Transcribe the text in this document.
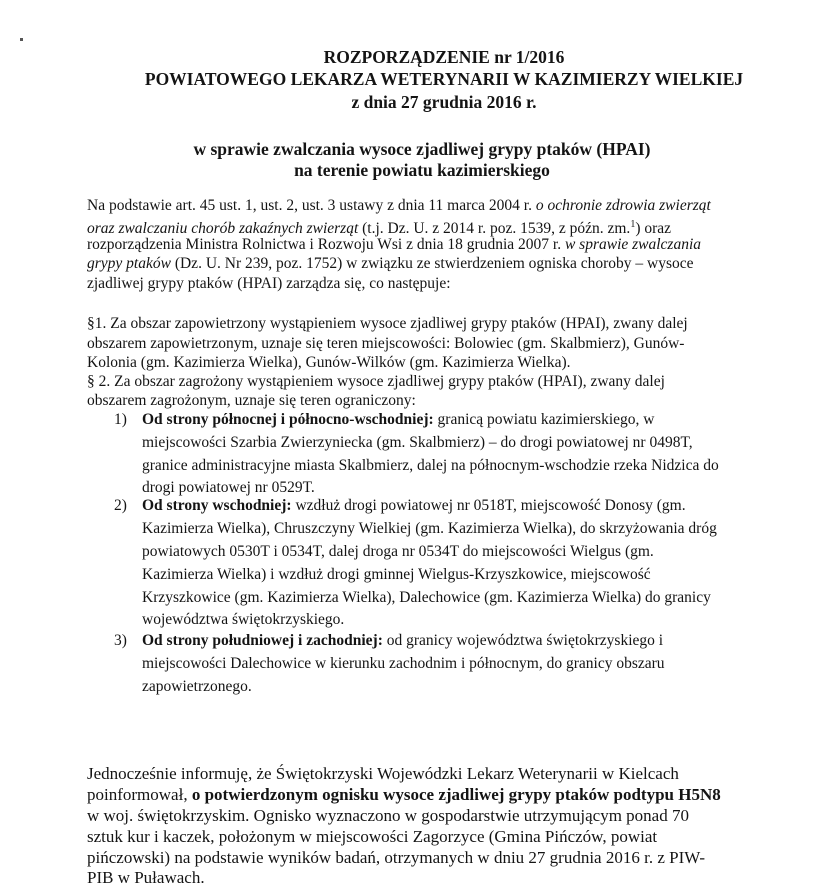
ROZPORZĄDZENIE nr 1/2016
POWIATOWEGO LEKARZA WETERYNARII W KAZIMIERZY WIELKIEJ
z dnia 27 grudnia 2016 r.
w sprawie zwalczania wysoce zjadliwej grypy ptaków (HPAI)
na terenie powiatu kazimierskiego
Na podstawie art. 45 ust. 1, ust. 2, ust. 3 ustawy z dnia 11 marca 2004 r. o ochronie zdrowia zwierząt
oraz zwalczaniu chorób zakaźnych zwierząt (t.j. Dz. U. z 2014 r. poz. 1539, z późn. zm.$^1$) oraz
rozporządzenia Ministra Rolnictwa i Rozwoju Wsi z dnia 18 grudnia 2007 r. w sprawie zwalczania
grypy ptaków (Dz. U. Nr 239, poz. 1752) w związku ze stwierdzeniem ogniska choroby – wysoce
zjadliwej grypy ptaków (HPAI) zarządza się, co następuje:
§1. Za obszar zapowietrzony wystąpieniem wysoce zjadliwej grypy ptaków (HPAI), zwany dalej
obszarem zapowietrzonym, uznaje się teren miejscowości: Bolowiec (gm. Skalbmierz), Gunów-
Kolonia (gm. Kazimierza Wielka), Gunów-Wilków (gm. Kazimierza Wielka).
§ 2. Za obszar zagrożony wystąpieniem wysoce zjadliwej grypy ptaków (HPAI), zwany dalej
obszarem zagrożonym, uznaje się teren ograniczony:
1) Od strony północnej i północno-wschodniej: granicą powiatu kazimierskiego, w
miejscowości Szarbia Zwierzyniecka (gm. Skalbmierz) – do drogi powiatowej nr 0498T,
granice administracyjne miasta Skalbmierz, dalej na północnym-wschodzie rzeka Nidzica do
drogi powiatowej nr 0529T.
2) Od strony wschodniej: wzdłuż drogi powiatowej nr 0518T, miejscowość Donosy (gm.
Kazimierza Wielka), Chruszczyny Wielkiej (gm. Kazimierza Wielka), do skrzyżowania dróg
powiatowych 0530T i 0534T, dalej droga nr 0534T do miejscowości Wielgus (gm.
Kazimierza Wielka) i wzdłuż drogi gminnej Wielgus-Krzyszkowice, miejscowość
Krzyszkowice (gm. Kazimierza Wielka), Dalechowice (gm. Kazimierza Wielka) do granicy
województwa świętokrzyskiego.
3) Od strony południowej i zachodniej: od granicy województwa świętokrzyskiego i
miejscowości Dalechowice w kierunku zachodnim i północnym, do granicy obszaru
zapowietrzonego.
Jednocześnie informuję, że Świętokrzyski Wojewódzki Lekarz Weterynarii w Kielcach
poinformował, o potwierdzonym ognisku wysoce zjadliwej grypy ptaków podtypu H5N8
w woj. świętokrzyskim. Ognisko wyznaczono w gospodarstwie utrzymującym ponad 70
sztuk kur i kaczek, położonym w miejscowości Zagorzyce (Gmina Pińczów, powiat
pińczowski) na podstawie wyników badań, otrzymanych w dniu 27 grudnia 2016 r. z PIW-
PIB w Puławach.
